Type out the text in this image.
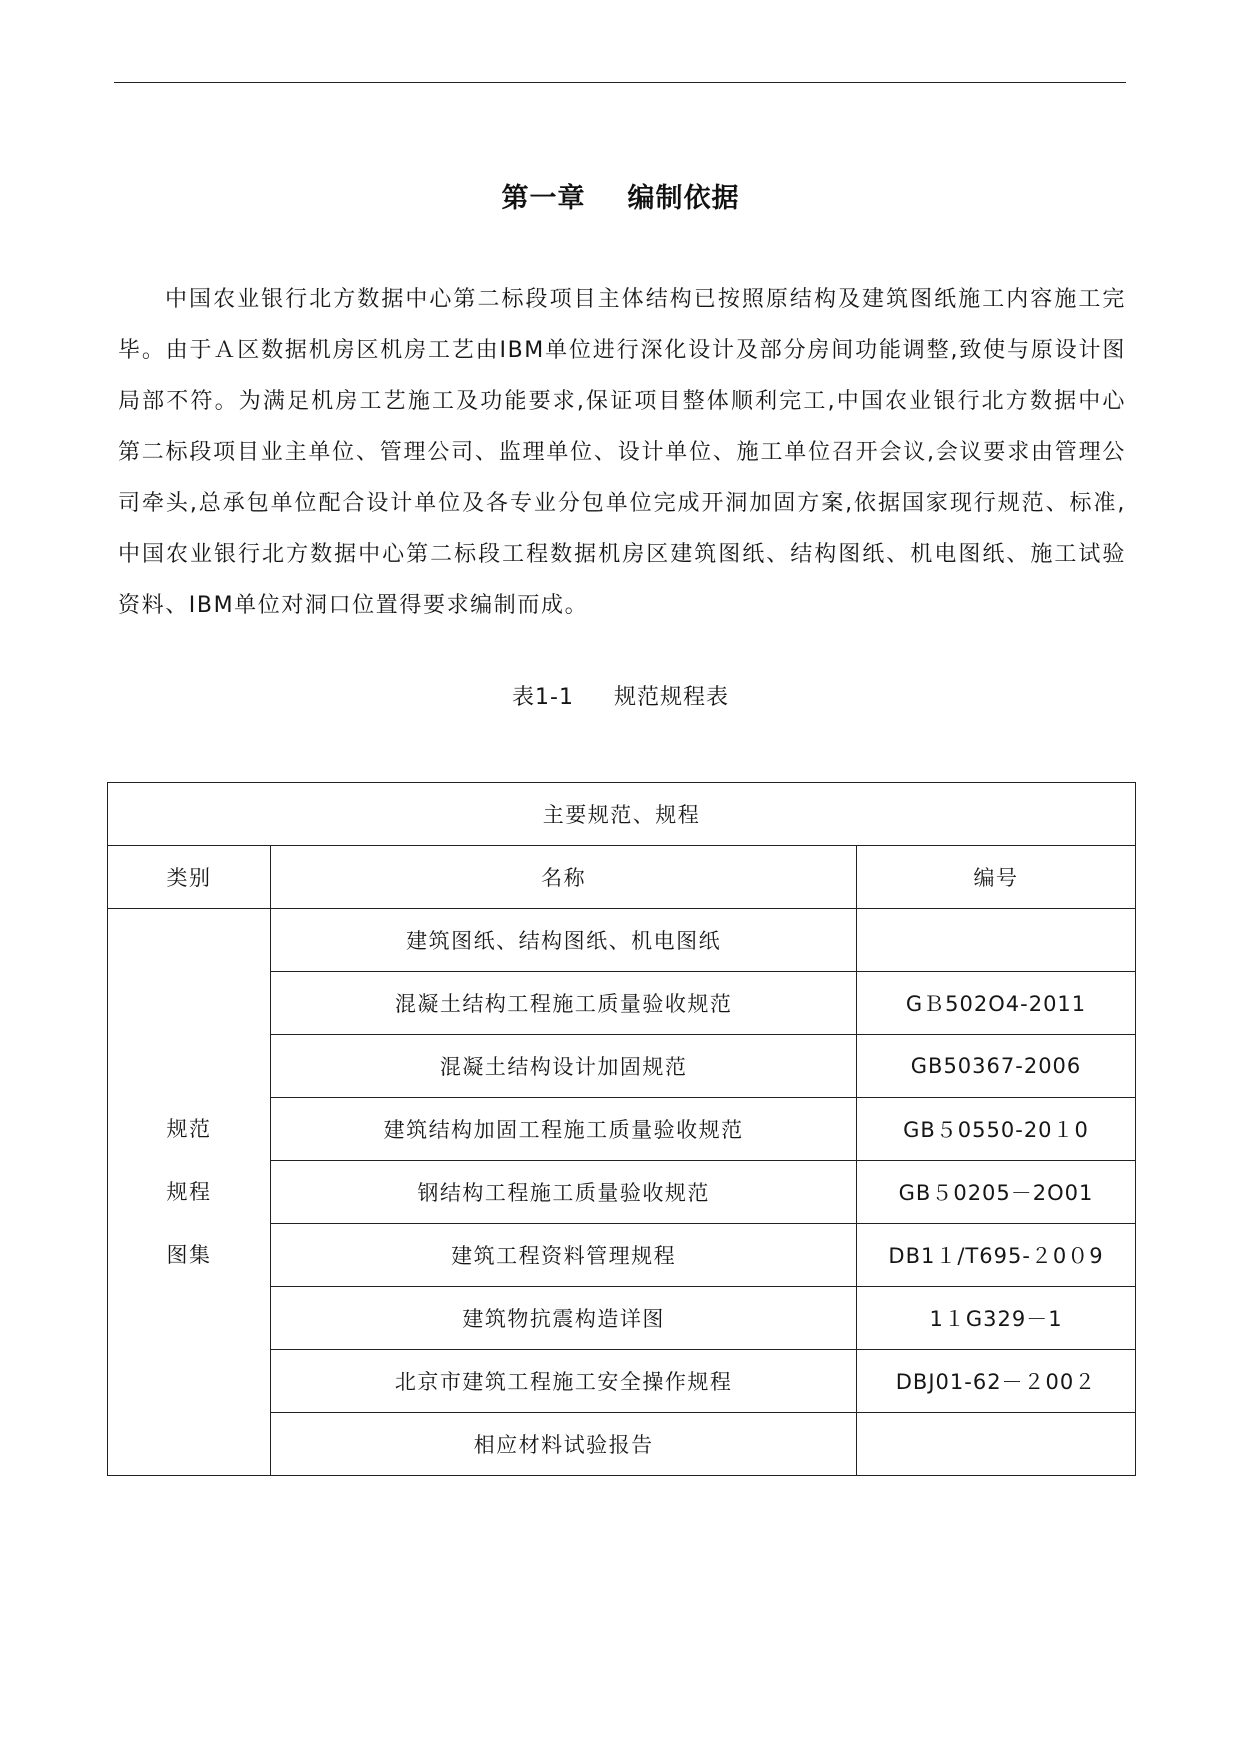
第一章 编制依据

中国农业银行北方数据中心第二标段项目主体结构已按照原结构及建筑图纸施工内容施工完毕。由于Ａ区数据机房区机房工艺由IBM单位进行深化设计及部分房间功能调整,致使与原设计图局部不符。为满足机房工艺施工及功能要求,保证项目整体顺利完工,中国农业银行北方数据中心第二标段项目业主单位、管理公司、监理单位、设计单位、施工单位召开会议,会议要求由管理公司牵头,总承包单位配合设计单位及各专业分包单位完成开洞加固方案,依据国家现行规范、标准,中国农业银行北方数据中心第二标段工程数据机房区建筑图纸、结构图纸、机电图纸、施工试验资料、IBM单位对洞口位置得要求编制而成。

表1-1 规范规程表
主要规范、规程		
类别	名称	编号

规范
规程
图集	建筑图纸、结构图纸、机电图纸	
	混凝土结构工程施工质量验收规范	GＢ502O4-2011
	混凝土结构设计加固规范	GB50367-2006
	建筑结构加固工程施工质量验收规范	GB５0550-20１0
	钢结构工程施工质量验收规范	GB５0205－2O01
	建筑工程资料管理规程	DB1１/T695-２0０9
	建筑物抗震构造详图	1１G329－1
	北京市建筑工程施工安全操作规程	DBJ01-62－２00２
	相应材料试验报告	
